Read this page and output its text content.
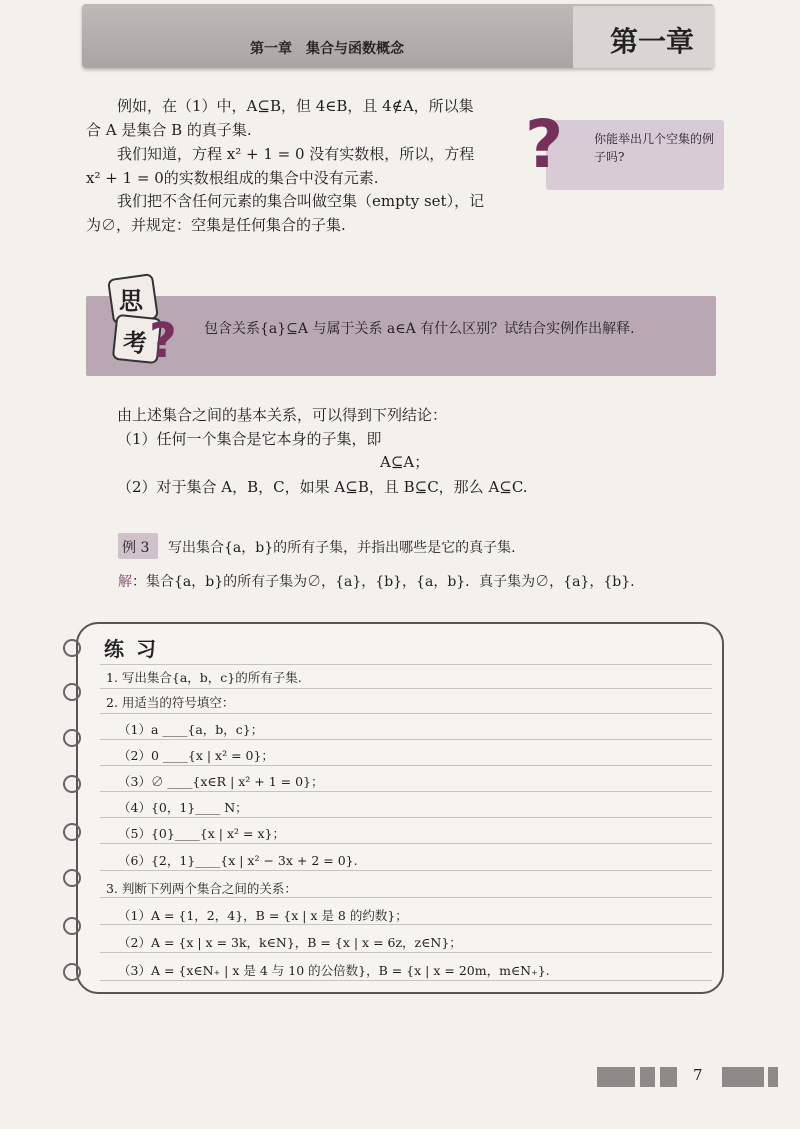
第一章　集合与函数概念	第一章
例如，在（1）中，A⊆B，但 4∈B，且 4∉A，所以集
合 A 是集合 B 的真子集.
我们知道，方程 x² + 1 = 0 没有实数根，所以，方程
x² + 1 = 0的实数根组成的集合中没有元素.
我们把不含任何元素的集合叫做空集（empty set），记
为∅，并规定：空集是任何集合的子集.
?	你能举出几个空集的例子吗?
思
考 ? 包含关系{a}⊆A 与属于关系 a∈A 有什么区别？试结合实例作出解释.
由上述集合之间的基本关系，可以得到下列结论：
（1）任何一个集合是它本身的子集，即
A⊆A；
（2）对于集合 A，B，C，如果 A⊆B，且 B⊆C，那么 A⊆C.
例 3 写出集合{a，b}的所有子集，并指出哪些是它的真子集.
解：集合{a，b}的所有子集为∅，{a}，{b}，{a，b}．真子集为∅，{a}，{b}.
练习
1. 写出集合{a，b，c}的所有子集.
2. 用适当的符号填空：
（1）a ____{a，b，c}；
（2）0 ____{x | x² = 0}；
（3）∅ ____{x∈R | x² + 1 = 0}；
（4）{0，1}____ N；
（5）{0}____{x | x² = x}；
（6）{2，1}____{x | x² − 3x + 2 = 0}.
3. 判断下列两个集合之间的关系：
（1）A = {1，2，4}，B = {x | x 是 8 的约数}；
（2）A = {x | x = 3k，k∈N}，B = {x | x = 6z，z∈N}；
（3）A = {x∈N₊ | x 是 4 与 10 的公倍数}，B = {x | x = 20m，m∈N₊}.
7
